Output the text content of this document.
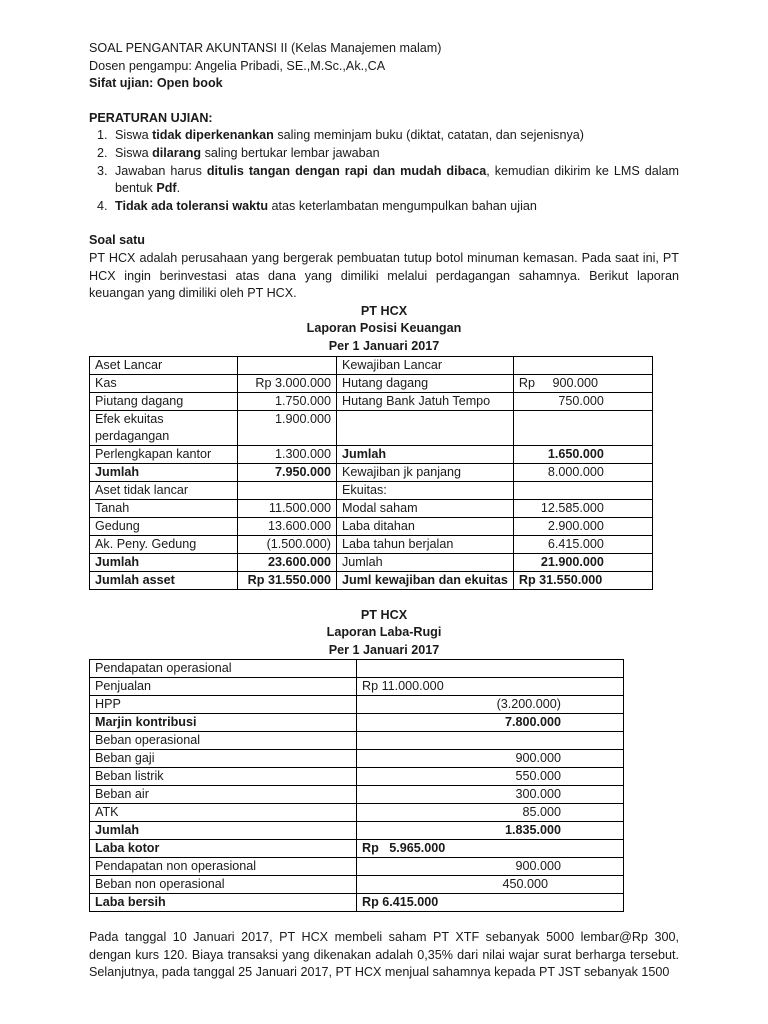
SOAL PENGANTAR AKUNTANSI II (Kelas Manajemen malam)
Dosen pengampu: Angelia Pribadi, SE.,M.Sc.,Ak.,CA
Sifat ujian: Open book
PERATURAN UJIAN:
1. Siswa tidak diperkenankan saling meminjam buku (diktat, catatan, dan sejenisnya)
2. Siswa dilarang saling bertukar lembar jawaban
3. Jawaban harus ditulis tangan dengan rapi dan mudah dibaca, kemudian dikirim ke LMS dalam bentuk Pdf.
4. Tidak ada toleransi waktu atas keterlambatan mengumpulkan bahan ujian
Soal satu
PT HCX adalah perusahaan yang bergerak pembuatan tutup botol minuman kemasan. Pada saat ini, PT HCX ingin berinvestasi atas dana yang dimiliki melalui perdagangan sahamnya. Berikut laporan keuangan yang dimiliki oleh PT HCX.
PT HCX
Laporan Posisi Keuangan
Per 1 Januari 2017
Aset Lancar		Kewajiban Lancar	
Kas	Rp 3.000.000	Hutang dagang	Rp     900.000
Piutang dagang	1.750.000	Hutang Bank Jatuh Tempo	750.000
Efek ekuitas perdagangan	1.900.000		
Perlengkapan kantor	1.300.000	Jumlah	1.650.000
Jumlah	7.950.000	Kewajiban jk panjang	8.000.000
Aset tidak lancar		Ekuitas:	
Tanah	11.500.000	Modal saham	12.585.000
Gedung	13.600.000	Laba ditahan	2.900.000
Ak. Peny. Gedung	(1.500.000)	Laba tahun berjalan	6.415.000
Jumlah	23.600.000	Jumlah	21.900.000
Jumlah asset	Rp 31.550.000	Juml kewajiban dan ekuitas	Rp 31.550.000
PT HCX
Laporan Laba-Rugi
Per 1 Januari 2017
Pendapatan operasional	
Penjualan	Rp 11.000.000
HPP	(3.200.000)
Marjin kontribusi	7.800.000
Beban operasional	
Beban gaji	900.000
Beban listrik	550.000
Beban air	300.000
ATK	85.000
Jumlah	1.835.000
Laba kotor	Rp   5.965.000
Pendapatan non operasional	900.000
Beban non operasional	450.000
Laba bersih	Rp 6.415.000
Pada tanggal 10 Januari 2017, PT HCX membeli saham PT XTF sebanyak 5000 lembar@Rp 300, dengan kurs 120. Biaya transaksi yang dikenakan adalah 0,35% dari nilai wajar surat berharga tersebut. Selanjutnya, pada tanggal 25 Januari 2017, PT HCX menjual sahamnya kepada PT JST sebanyak 1500
